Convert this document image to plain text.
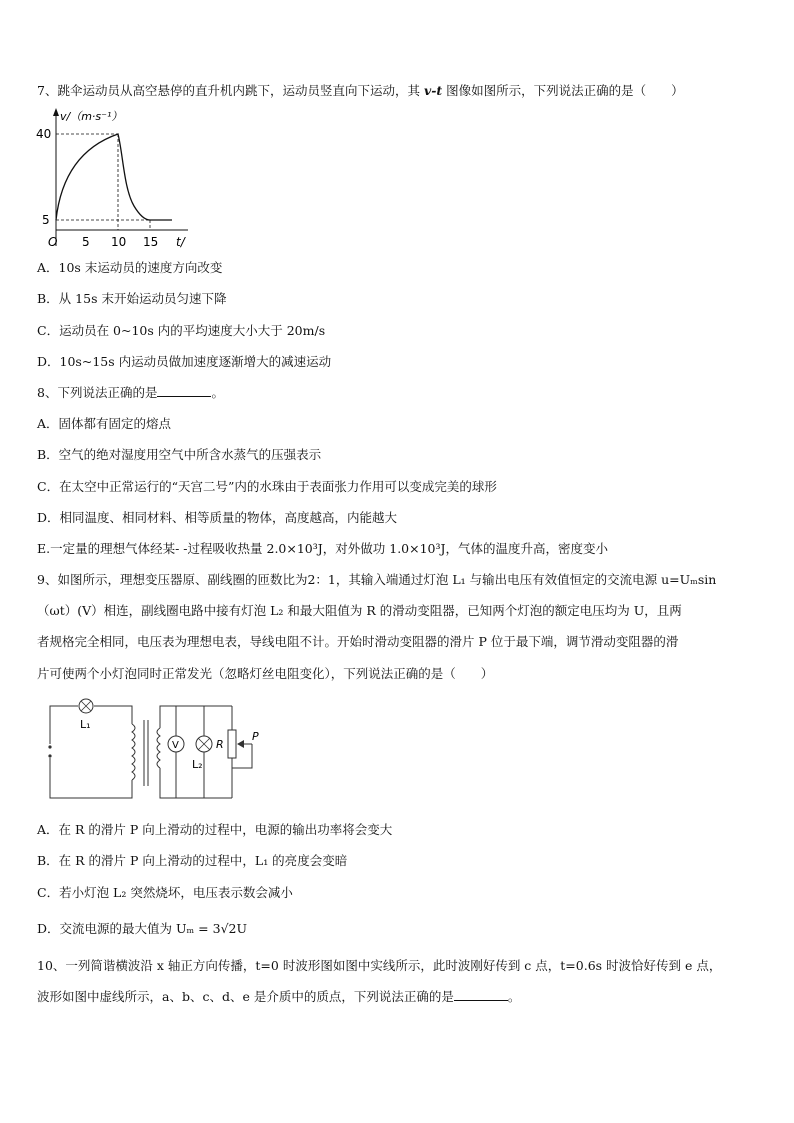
7、跳伞运动员从高空悬停的直升机内跳下，运动员竖直向下运动，其 v-t 图像如图所示，下列说法正确的是（　　）
v/（m·s⁻¹）
40
5
O 5 10 15 t/
A．10s 末运动员的速度方向改变
B．从 15s 末开始运动员匀速下降
C．运动员在 0~10s 内的平均速度大小大于 20m/s
D．10s~15s 内运动员做加速度逐渐增大的减速运动
8、下列说法正确的是	。
A．固体都有固定的熔点
B．空气的绝对湿度用空气中所含水蒸气的压强表示
C．在太空中正常运行的“天宫二号”内的水珠由于表面张力作用可以变成完美的球形
D．相同温度、相同材料、相等质量的物体，高度越高，内能越大
E.一定量的理想气体经某- -过程吸收热量 2.0×10³J，对外做功 1.0×10³J，气体的温度升高，密度变小
9、如图所示，理想变压器原、副线圈的匝数比为2：1，其输入端通过灯泡 L₁ 与输出电压有效值恒定的交流电源 u=Uₘsin
（ωt）(V）相连，副线圈电路中接有灯泡 L₂ 和最大阻值为 R 的滑动变阻器，已知两个灯泡的额定电压均为 U，且两
者规格完全相同，电压表为理想电表，导线电阻不计。开始时滑动变阻器的滑片 P 位于最下端，调节滑动变阻器的滑
片可使两个小灯泡同时正常发光（忽略灯丝电阻变化），下列说法正确的是（　　）
L₁
V
L₂
R
P
A．在 R 的滑片 P 向上滑动的过程中，电源的输出功率将会变大
B．在 R 的滑片 P 向上滑动的过程中，L₁ 的亮度会变暗
C．若小灯泡 L₂ 突然烧坏，电压表示数会减小
D．交流电源的最大值为 Uₘ = 3√2U
10、一列简谐横波沿 x 轴正方向传播，t=0 时波形图如图中实线所示，此时波刚好传到 c 点，t=0.6s 时波恰好传到 e 点，
波形如图中虚线所示，a、b、c、d、e 是介质中的质点，下列说法正确的是	。
